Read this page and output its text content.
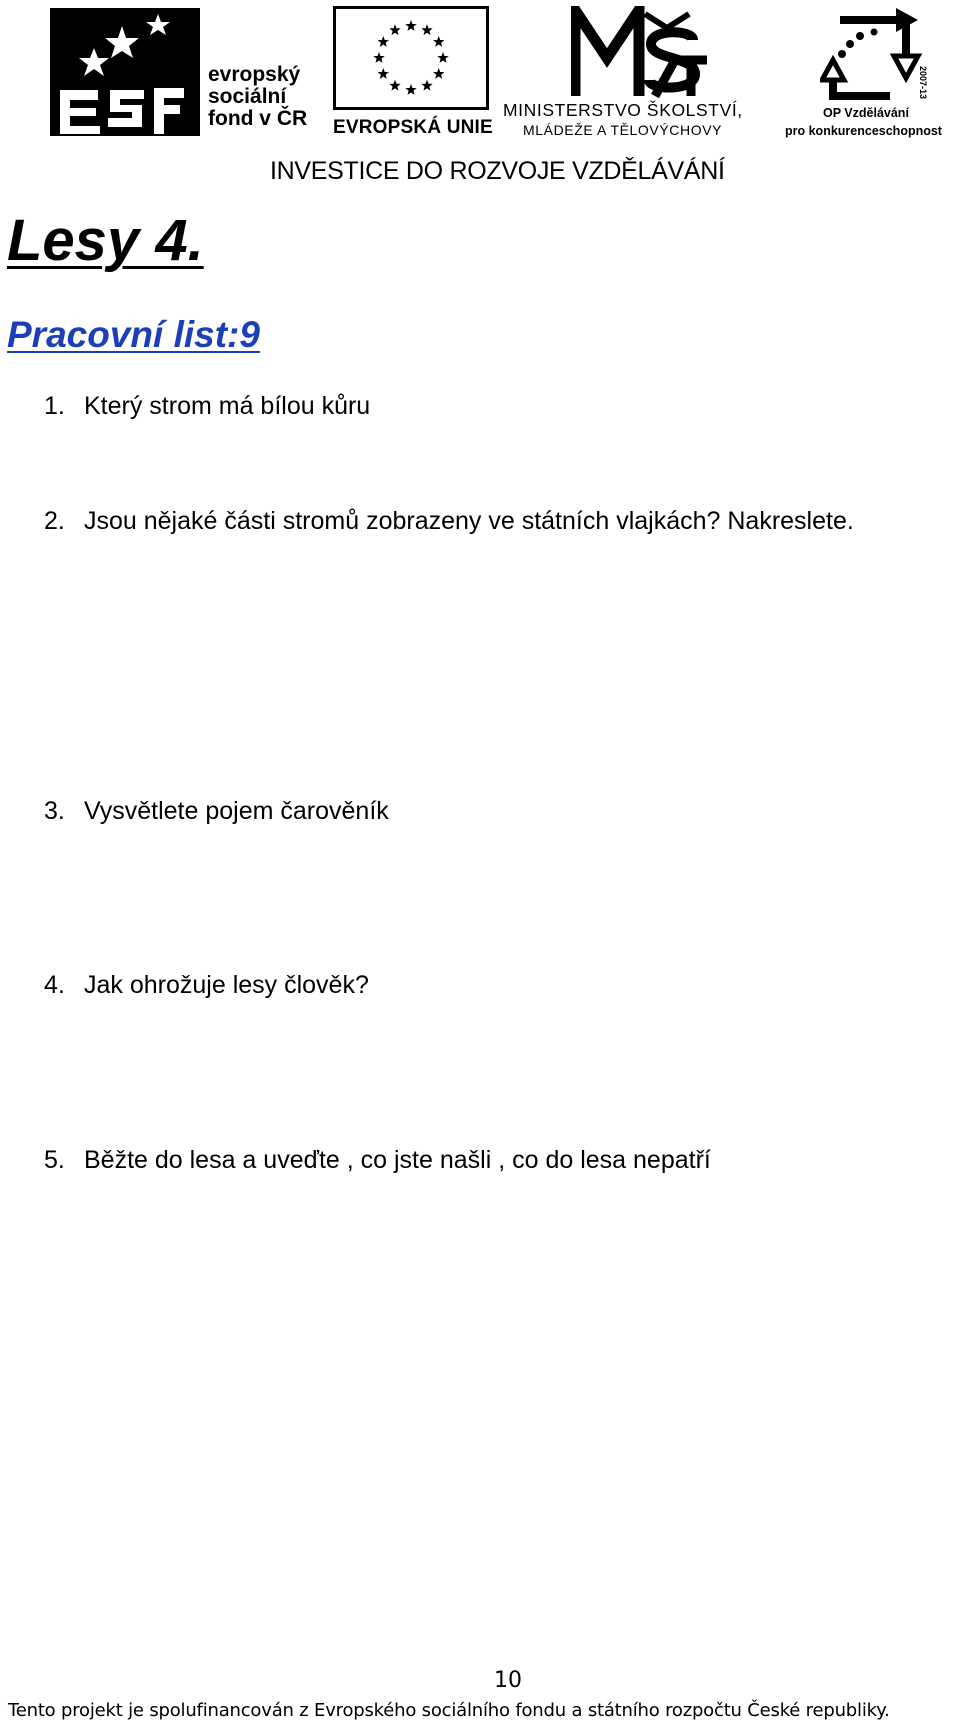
evropský
sociální
fond v ČR EVROPSKÁ UNIE
MINISTERSTVO ŠKOLSTVÍ,
MLÁDEŽE A TĚLOVÝCHOVY
2007-13
OP Vzdělávání
pro konkurenceschopnost
INVESTICE DO ROZVOJE VZDĚLÁVÁNÍ
Lesy 4.
Pracovní list:9
1. Který strom má bílou kůru
2. Jsou nějaké části stromů zobrazeny ve státních vlajkách? Nakreslete.
3. Vysvětlete pojem čarověník
4. Jak ohrožuje lesy člověk?
5. Běžte do lesa a uveďte , co jste našli , co do lesa nepatří
10
Tento projekt je spolufinancován z Evropského sociálního fondu a státního rozpočtu České republiky.
